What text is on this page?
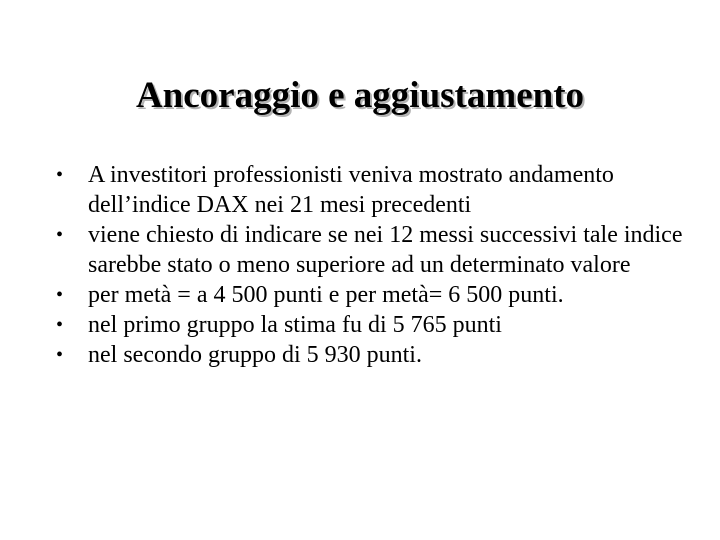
Ancoraggio e aggiustamento
• A investitori professionisti veniva mostrato andamento dell’indice DAX nei 21 mesi precedenti
• viene chiesto di indicare se nei 12 messi successivi tale indice sarebbe stato o meno superiore ad un determinato valore
• per metà = a 4 500 punti e per metà= 6 500 punti.
• nel primo gruppo la stima fu di 5 765 punti
• nel secondo gruppo di 5 930 punti.
